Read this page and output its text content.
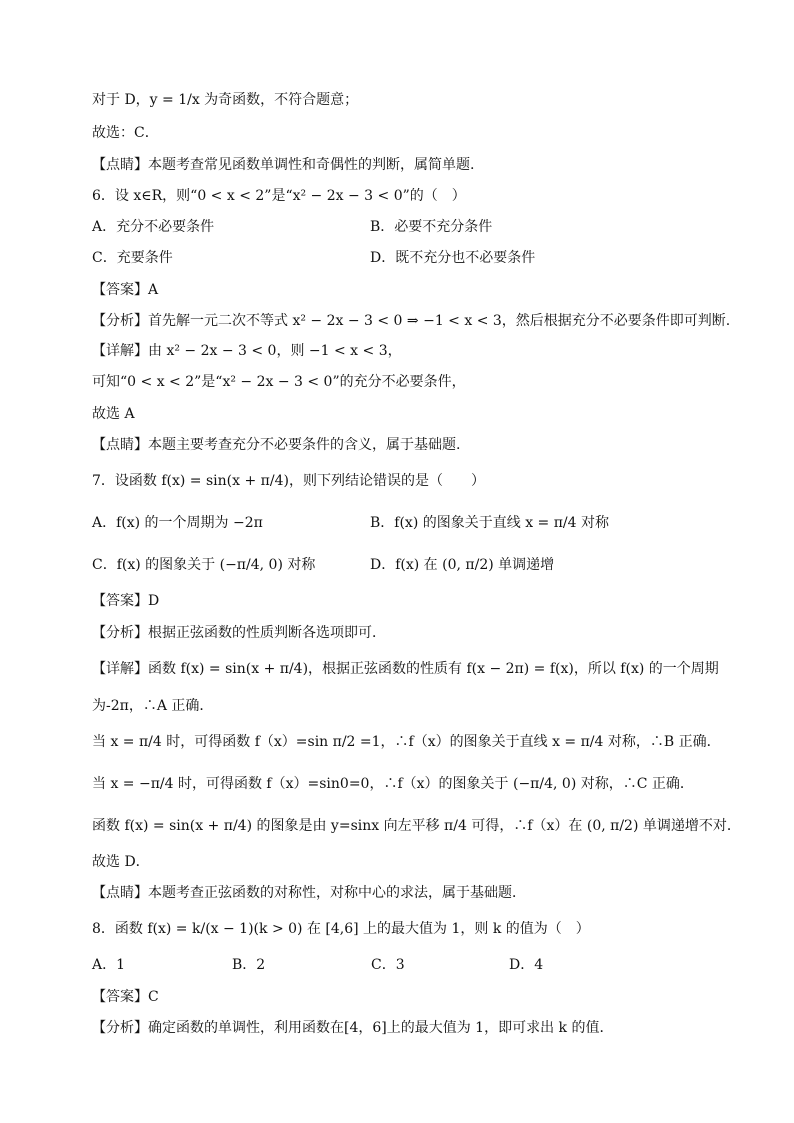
对于 D，y = 1/x 为奇函数，不符合题意；
故选：C．
【点睛】本题考查常见函数单调性和奇偶性的判断，属简单题.
6．设 x∈R，则“0 < x < 2”是“x² − 2x − 3 < 0”的（　）
A．充分不必要条件	B．必要不充分条件
C．充要条件	D．既不充分也不必要条件
【答案】A
【分析】首先解一元二次不等式 x² − 2x − 3 < 0 ⇒ −1 < x < 3，然后根据充分不必要条件即可判断.
【详解】由 x² − 2x − 3 < 0，则 −1 < x < 3，
可知“0 < x < 2”是“x² − 2x − 3 < 0”的充分不必要条件，
故选 A
【点睛】本题主要考查充分不必要条件的含义，属于基础题.
7．设函数 f(x) = sin(x + π/4)，则下列结论错误的是（　　）
A．f(x) 的一个周期为 −2π	B．f(x) 的图象关于直线 x = π/4 对称
C．f(x) 的图象关于 (−π/4, 0) 对称	D．f(x) 在 (0, π/2) 单调递增
【答案】D
【分析】根据正弦函数的性质判断各选项即可．
【详解】函数 f(x) = sin(x + π/4)，根据正弦函数的性质有 f(x − 2π) = f(x)，所以 f(x) 的一个周期
为-2π，∴A 正确．
当 x = π/4 时，可得函数 f（x）=sin π/2 =1，∴f（x）的图象关于直线 x = π/4 对称，∴B 正确．
当 x = −π/4 时，可得函数 f（x）=sin0=0，∴f（x）的图象关于 (−π/4, 0) 对称，∴C 正确．
函数 f(x) = sin(x + π/4) 的图象是由 y=sinx 向左平移 π/4 可得，∴f（x）在 (0, π/2) 单调递增不对．
故选 D．
【点睛】本题考查正弦函数的对称性，对称中心的求法，属于基础题．
8．函数 f(x) = k/(x − 1)(k > 0) 在 [4,6] 上的最大值为 1，则 k 的值为（　）
A．1	B．2	C．3	D．4
【答案】C
【分析】确定函数的单调性，利用函数在[4，6]上的最大值为 1，即可求出 k 的值．
